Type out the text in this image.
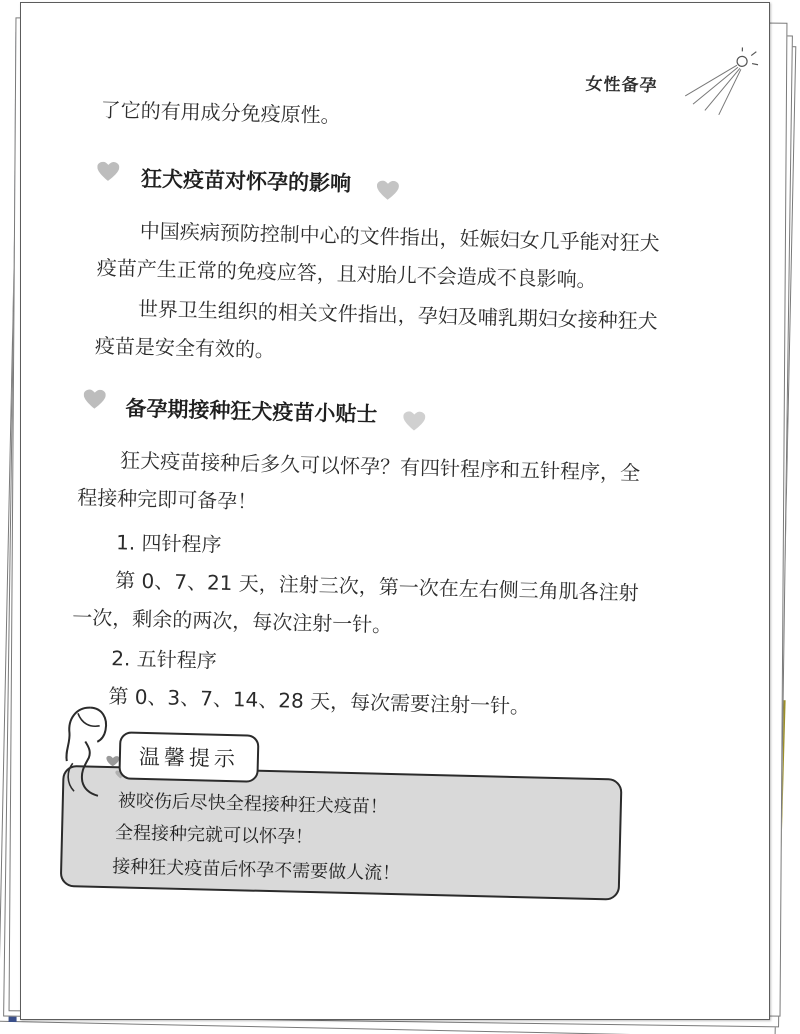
女性备孕
了它的有用成分免疫原性。
狂犬疫苗对怀孕的影响
中国疾病预防控制中心的文件指出，妊娠妇女几乎能对狂犬
疫苗产生正常的免疫应答，且对胎儿不会造成不良影响。
世界卫生组织的相关文件指出，孕妇及哺乳期妇女接种狂犬
疫苗是安全有效的。
备孕期接种狂犬疫苗小贴士
狂犬疫苗接种后多久可以怀孕？有四针程序和五针程序，全
程接种完即可备孕！
1. 四针程序
第 0、7、21 天，注射三次，第一次在左右侧三角肌各注射
一次，剩余的两次，每次注射一针。
2. 五针程序
第 0、3、7、14、28 天，每次需要注射一针。
温馨提示
被咬伤后尽快全程接种狂犬疫苗！
全程接种完就可以怀孕！
接种狂犬疫苗后怀孕不需要做人流！
